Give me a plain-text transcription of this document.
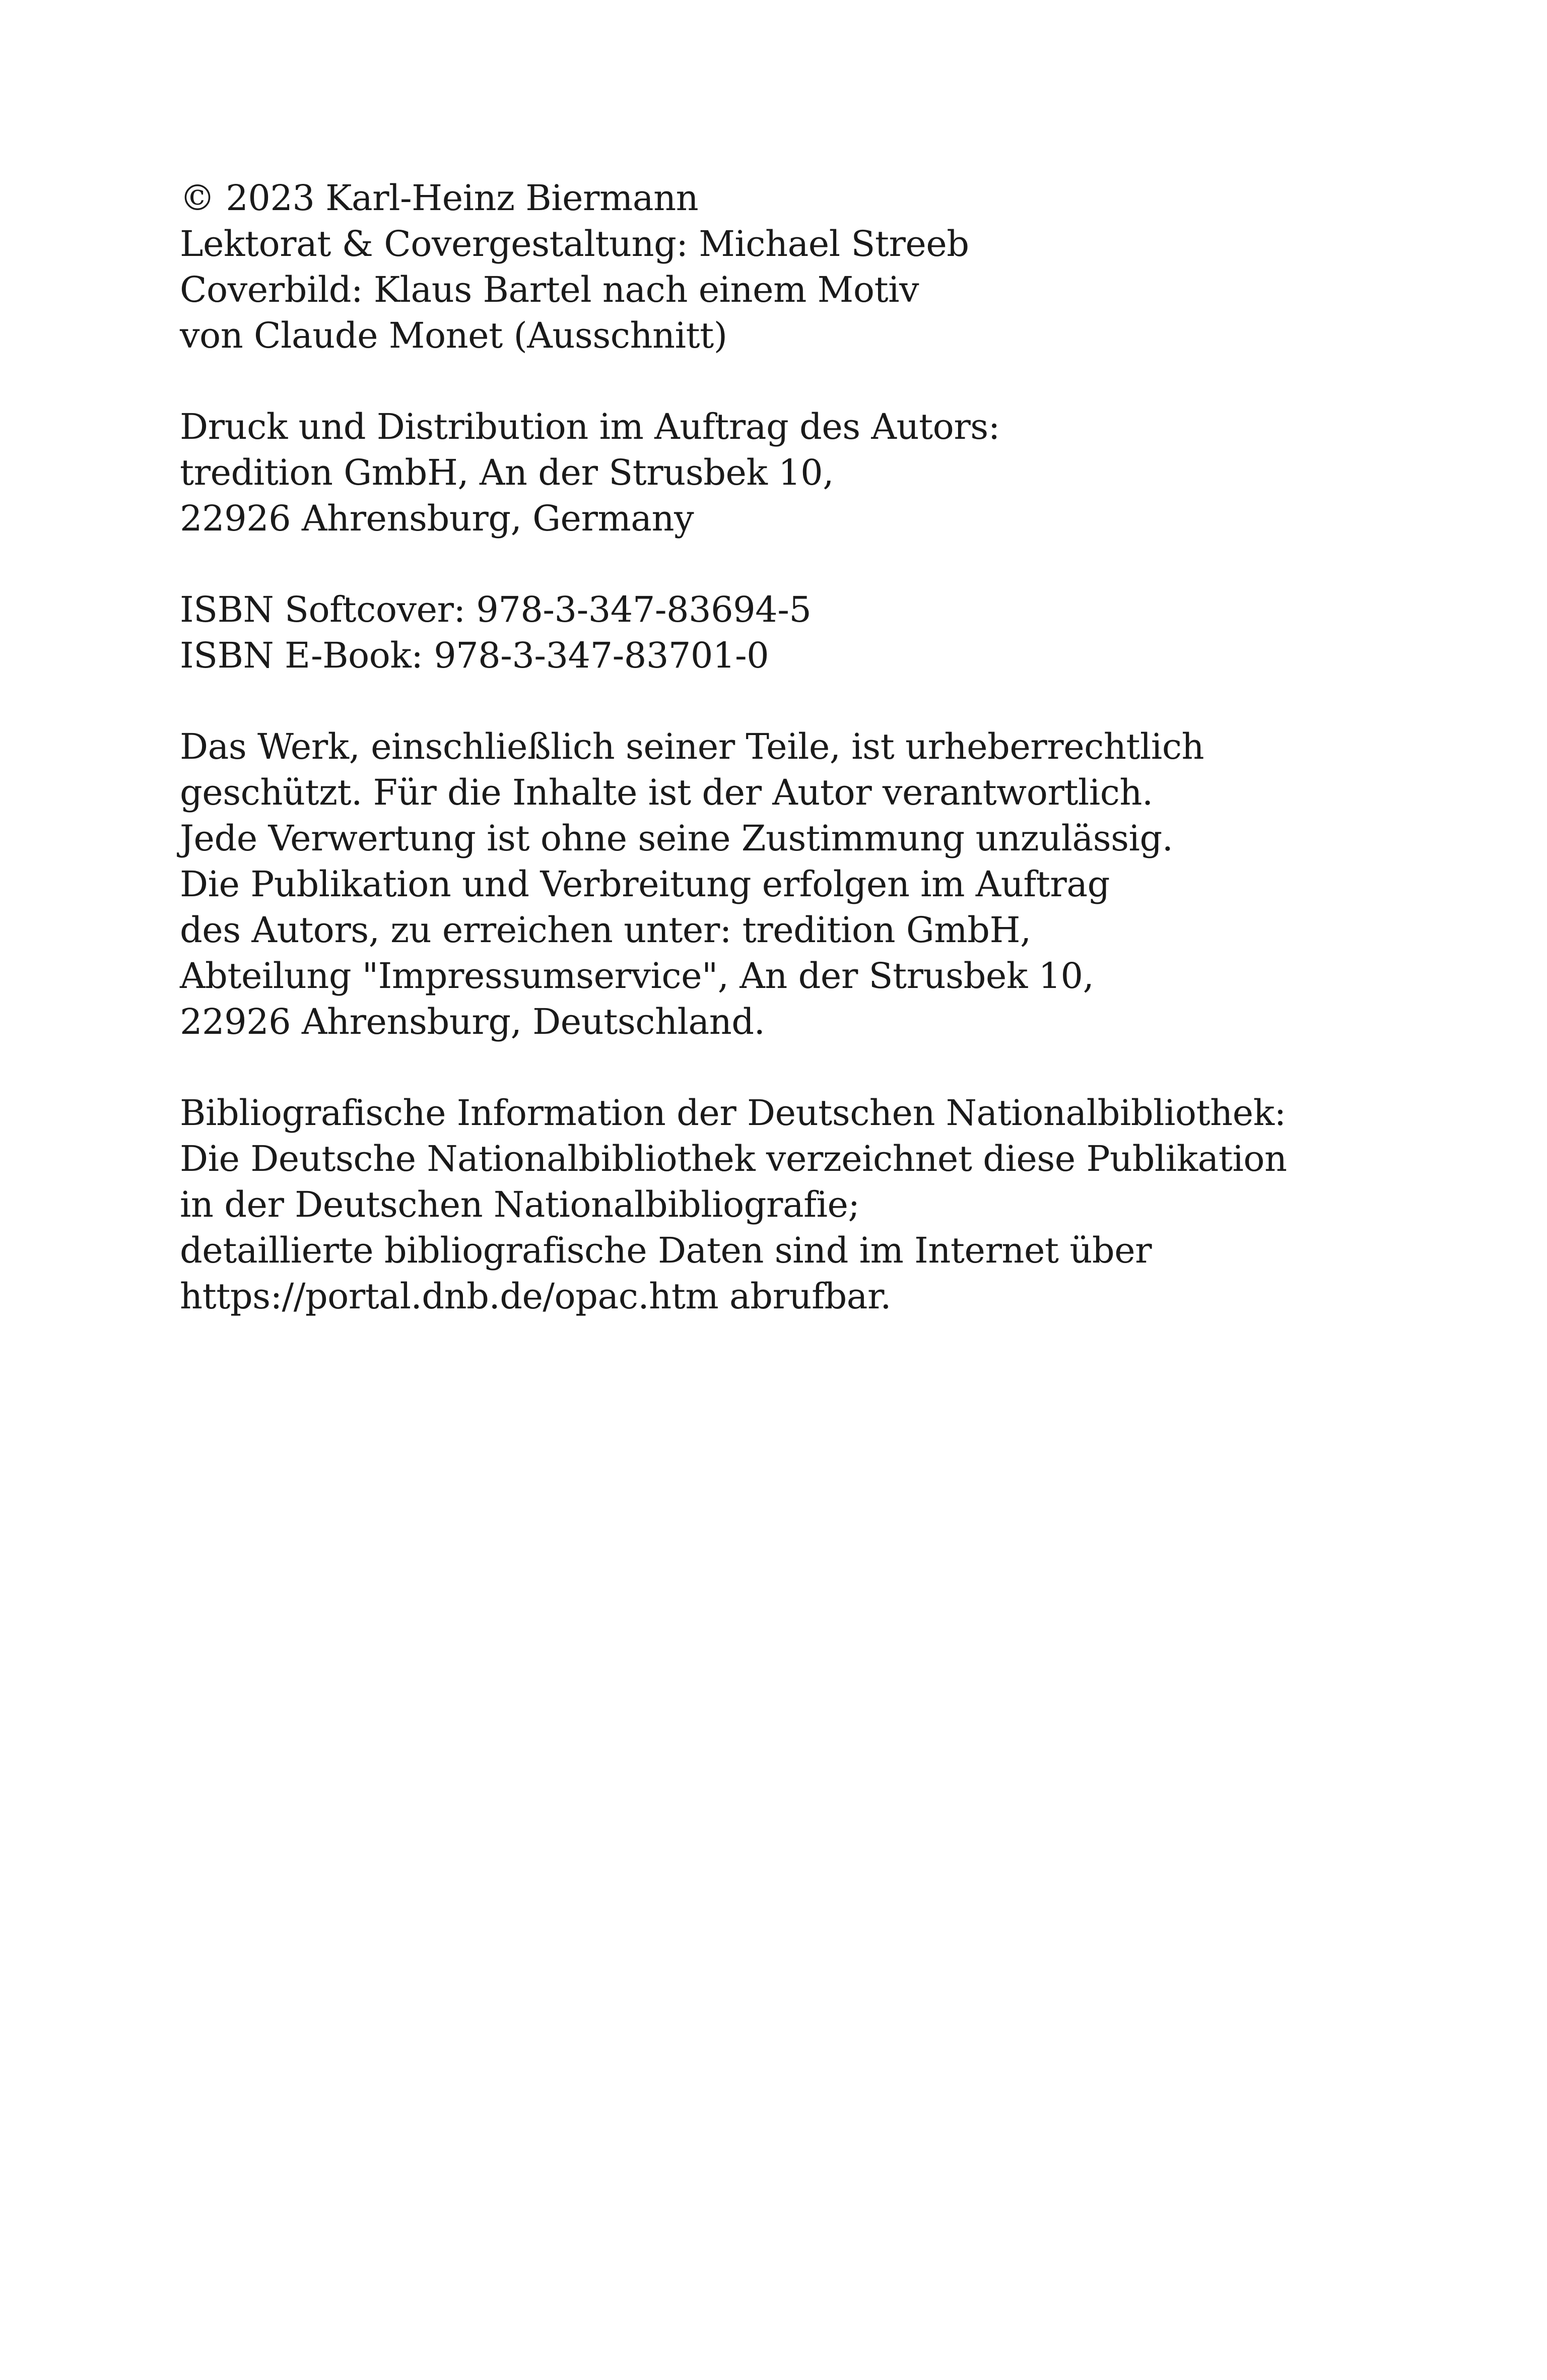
© 2023 Karl-Heinz Biermann
Lektorat & Covergestaltung: Michael Streeb
Coverbild: Klaus Bartel nach einem Motiv
von Claude Monet (Ausschnitt)
Druck und Distribution im Auftrag des Autors:
tredition GmbH, An der Strusbek 10,
22926 Ahrensburg, Germany
ISBN Softcover: 978-3-347-83694-5
ISBN E-Book: 978-3-347-83701-0
Das Werk, einschließlich seiner Teile, ist urheberrechtlich
geschützt. Für die Inhalte ist der Autor verantwortlich.
Jede Verwertung ist ohne seine Zustimmung unzulässig.
Die Publikation und Verbreitung erfolgen im Auftrag
des Autors, zu erreichen unter: tredition GmbH,
Abteilung "Impressumservice", An der Strusbek 10,
22926 Ahrensburg, Deutschland.
Bibliografische Information der Deutschen Nationalbibliothek:
Die Deutsche Nationalbibliothek verzeichnet diese Publikation
in der Deutschen Nationalbibliografie;
detaillierte bibliografische Daten sind im Internet über
https://portal.dnb.de/opac.htm abrufbar.
